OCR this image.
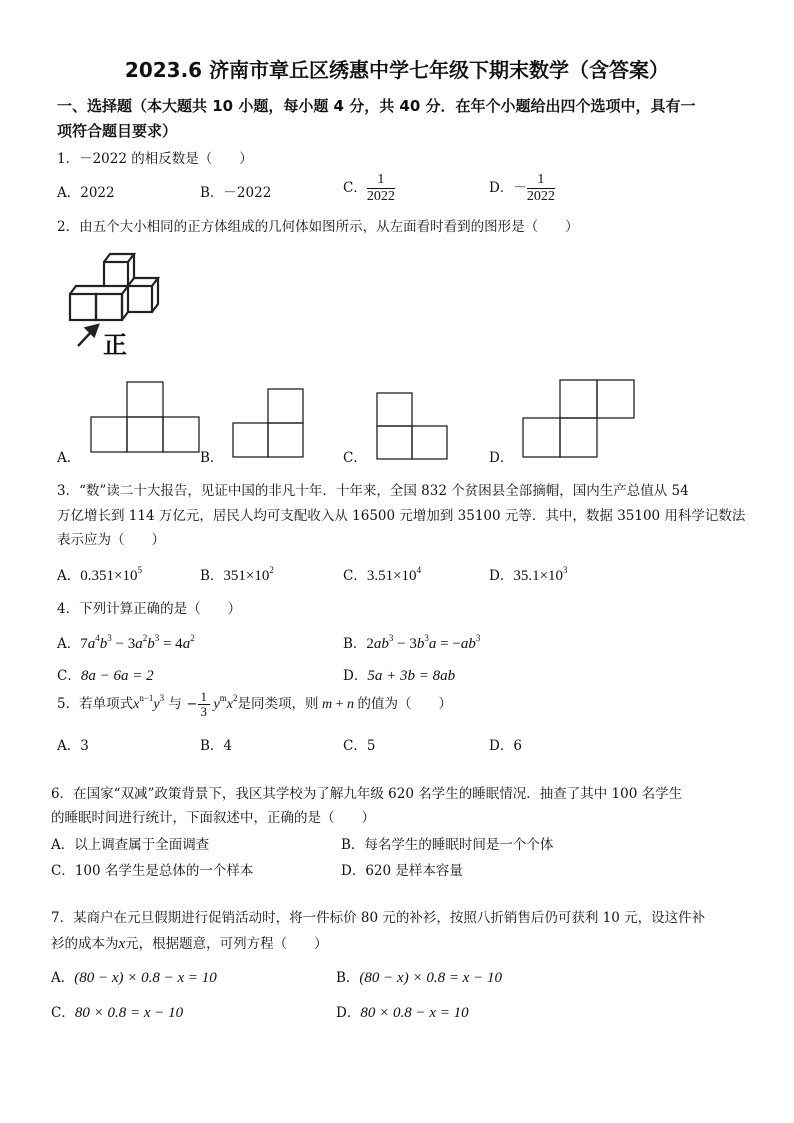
2023.6 济南市章丘区绣惠中学七年级下期末数学（含答案）
一、选择题（本大题共 10 小题，每小题 4 分，共 40 分．在年个小题给出四个选项中，具有一
项符合题目要求）
1．－2022 的相反数是（　　）
A．2022	B．－2022	C． $\frac{1}{2022}$	D．－ $\frac{1}{2022}$
2．由五个大小相同的正方体组成的几何体如图所示，从左面看时看到的图形是（　　）
正
A．	B．	C．	D．
3．“数”读二十大报告，见证中国的非凡十年．十年来，全国 832 个贫困县全部摘帽，国内生产总值从 54
万亿增长到 114 万亿元，居民人均可支配收入从 16500 元增加到 35100 元等．其中，数据 35100 用科学记数法
表示应为（　　）
A．$0.351\times 10^5$	B．$351\times 10^2$	C．$3.51\times 10^4$	D．$35.1\times 10^3$
4．下列计算正确的是（　　）
A．$7a^4b^3 - 3a^2b^3 = 4a^2$	B．$2ab^3 - 3b^3a = -ab^3$
C．8a − 6a = 2	D．5a + 3b = 8ab
5．若单项式$x^{n-1}y^3$ 与 − $\frac{1}{3} y^mx^2$是同类项，则 m + n 的值为（　　）
A．3	B．4	C．5	D．6
6．在国家“双减”政策背景下，我区其学校为了解九年级 620 名学生的睡眠情况．抽查了其中 100 名学生
的睡眠时间进行统计，下面叙述中，正确的是（　　）
A．以上调查属于全面调查	B．每名学生的睡眠时间是一个个体
C．100 名学生是总体的一个样本	D．620 是样本容量
7．某商户在元旦假期进行促销活动时，将一件标价 80 元的补衫，按照八折销售后仍可获利 10 元，设这件补
衫的成本为x元，根据题意，可列方程（　　）
A．(80 − x) × 0.8 − x = 10	B．(80 − x) × 0.8 = x − 10
C．80 × 0.8 = x − 10	D．80 × 0.8 − x = 10
